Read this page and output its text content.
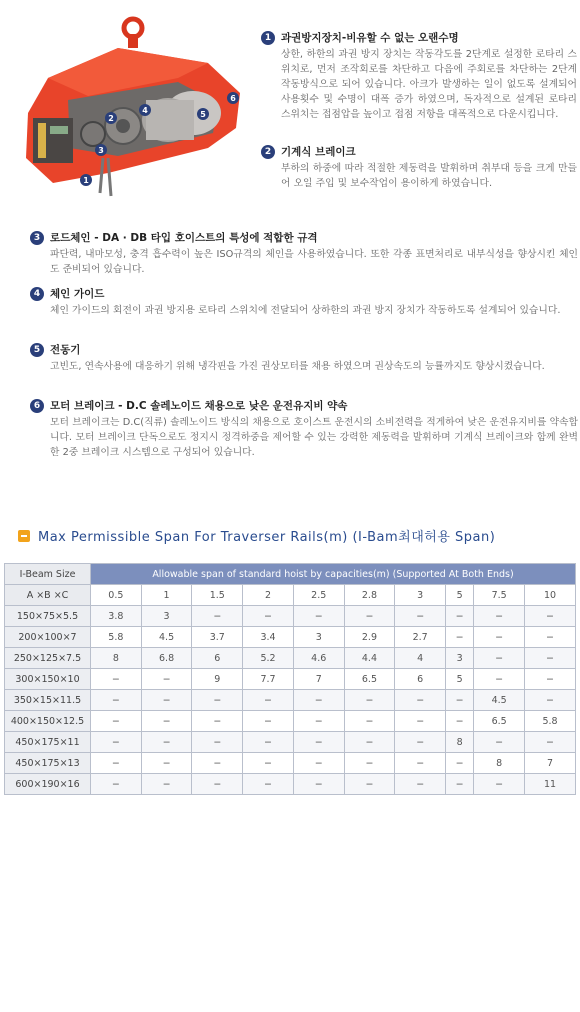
1
2
3
4	5
6
1 과권방지장치-비유할 수 없는 오랜수명

상한, 하한의 과권 방지 장치는 작동각도를 2단계로 설정한 로타리 스위치로, 먼저 조작회로를 차단하고 다음에 주회로를 차단하는 2단계 작동방식으로 되어 있습니다. 아크가 발생하는 일이 없도록 설계되어 사용횟수 및 수명이 대폭 증가 하였으며, 독자적으로 설계된 로타리 스위치는 접점압을 높이고 접점 저항을 대폭적으로 다운시킵니다.

2 기계식 브레이크

부하의 하중에 따라 적절한 제동력을 발휘하며 취부대 등을 크게 만들어 오일 주입 및 보수작업이 용이하게 하였습니다.

3 로드체인 - DA · DB 타입 호이스트의 특성에 적합한 규격

파단력, 내마모성, 충격 흡수력이 높은 ISO규격의 체인을 사용하였습니다. 또한 각종 표면처리로 내부식성을 향상시킨 체인도 준비되어 있습니다.

4 체인 가이드

체인 가이드의 회전이 과권 방지용 로타리 스위치에 전달되어 상하한의 과권 방지 장치가 작동하도록 설계되어 있습니다.

5 전동기

고빈도, 연속사용에 대응하기 위해 냉각핀을 가진 권상모터를 채용 하였으며 권상속도의 능률까지도 향상시켰습니다.

6 모터 브레이크 - D.C 솔레노이드 채용으로 낮은 운전유지비 약속

모터 브레이크는 D.C(직류) 솔레노이드 방식의 채용으로 호이스트 운전시의 소비전력을 적게하여 낮은 운전유지비를 약속합니다. 모터 브레이크 단독으로도 정지시 정격하중을 제어할 수 있는 강력한 제동력을 발휘하며 기계식 브레이크와 함께 완벽한 2중 브레이크 시스템으로 구성되어 있습니다.

Max Permissible Span For Traverser Rails(m) (I-Bam최대허용 Span)
I-Beam Size	Allowable span of standard hoist by capacities(m) (Supported At Both Ends)									
A ×B ×C	0.5	1	1.5	2	2.5	2.8	3	5	7.5	10
150×75×5.5	3.8	3	−	−	−	−	−	−	−	−
200×100×7	5.8	4.5	3.7	3.4	3	2.9	2.7	−	−	−
250×125×7.5	8	6.8	6	5.2	4.6	4.4	4	3	−	−
300×150×10	−	−	9	7.7	7	6.5	6	5	−	−
350×15×11.5	−	−	−	−	−	−	−	−	4.5	−
400×150×12.5	−	−	−	−	−	−	−	−	6.5	5.8
450×175×11	−	−	−	−	−	−	−	8	−	−
450×175×13	−	−	−	−	−	−	−	−	8	7
600×190×16	−	−	−	−	−	−	−	−	−	11
